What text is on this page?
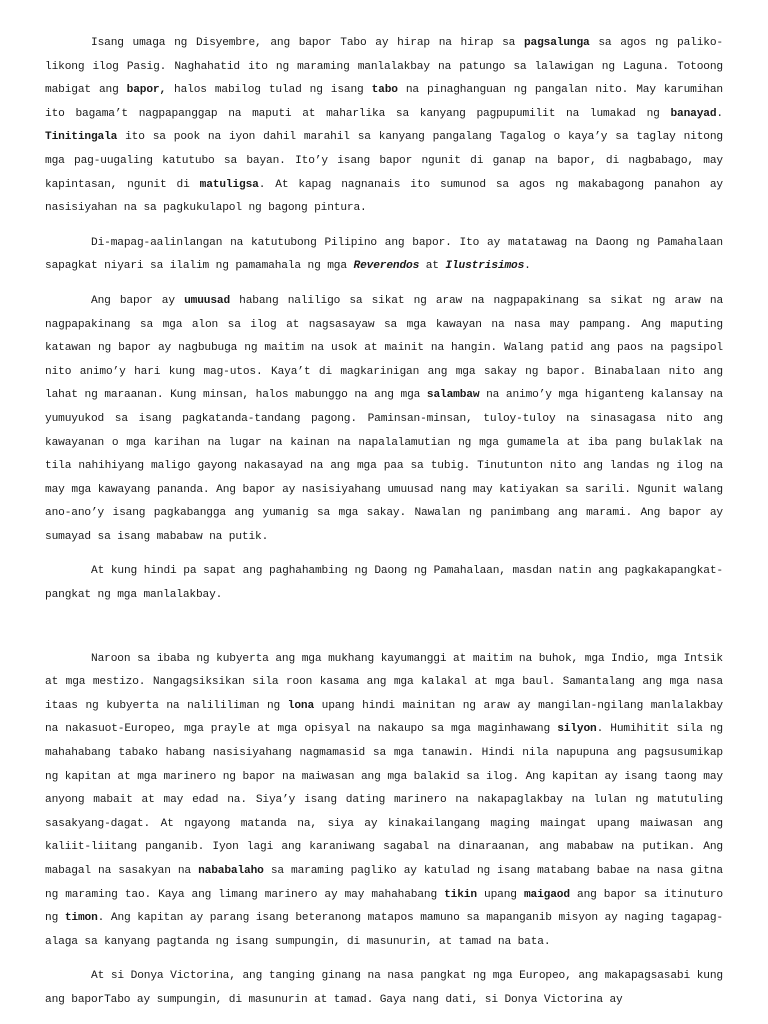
Isang umaga ng Disyembre, ang bapor Tabo ay hirap na hirap sa pagsalunga sa agos ng paliko-likong ilog Pasig. Naghahatid ito ng maraming manlalakbay na patungo sa lalawigan ng Laguna. Totoong mabigat ang bapor, halos mabilog tulad ng isang tabo na pinaghanguan ng pangalan nito. May karumihan ito bagama’t nagpapanggap na maputi at maharlika sa kanyang pagpupumilit na lumakad ng banayad. Tinitingala ito sa pook na iyon dahil marahil sa kanyang pangalang Tagalog o kaya’y sa taglay nitong mga pag-uugaling katutubo sa bayan. Ito’y isang bapor ngunit di ganap na bapor, di nagbabago, may kapintasan, ngunit di matuligsa. At kapag nagnanais ito sumunod sa agos ng makabagong panahon ay nasisiyahan na sa pagkukulapol ng bagong pintura.

Di-mapag-aalinlangan na katutubong Pilipino ang bapor. Ito ay matatawag na Daong ng Pamahalaan sapagkat niyari sa ilalim ng pamamahala ng mga Reverendos at Ilustrisimos.

Ang bapor ay umuusad habang naliligo sa sikat ng araw na nagpapakinang sa sikat ng araw na nagpapakinang sa mga alon sa ilog at nagsasayaw sa mga kawayan na nasa may pampang. Ang maputing katawan ng bapor ay nagbubuga ng maitim na usok at mainit na hangin. Walang patid ang paos na pagsipol nito animo’y hari kung mag-utos. Kaya’t di magkarinigan ang mga sakay ng bapor. Binabalaan nito ang lahat ng maraanan. Kung minsan, halos mabunggo na ang mga salambaw na animo’y mga higanteng kalansay na yumuyukod sa isang pagkatanda-tandang pagong. Paminsan-minsan, tuloy-tuloy na sinasagasa nito ang kawayanan o mga karihan na lugar na kainan na napalalamutian ng mga gumamela at iba pang bulaklak na tila nahihiyang maligo gayong nakasayad na ang mga paa sa tubig. Tinutunton nito ang landas ng ilog na may mga kawayang pananda. Ang bapor ay nasisiyahang umuusad nang may katiyakan sa sarili. Ngunit walang ano-ano’y isang pagkabangga ang yumanig sa mga sakay. Nawalan ng panimbang ang marami. Ang bapor ay sumayad sa isang mababaw na putik.

At kung hindi pa sapat ang paghahambing ng Daong ng Pamahalaan, masdan natin ang pagkakapangkat-pangkat ng mga manlalakbay.

Naroon sa ibaba ng kubyerta ang mga mukhang kayumanggi at maitim na buhok, mga Indio, mga Intsik at mga mestizo. Nangagsiksikan sila roon kasama ang mga kalakal at mga baul. Samantalang ang mga nasa itaas ng kubyerta na nalililiman ng lona upang hindi mainitan ng araw ay mangilan-ngilang manlalakbay na nakasuot-Europeo, mga prayle at mga opisyal na nakaupo sa mga maginhawang silyon. Humihitit sila ng mahahabang tabako habang nasisiyahang nagmamasid sa mga tanawin. Hindi nila napupuna ang pagsusumikap ng kapitan at mga marinero ng bapor na maiwasan ang mga balakid sa ilog. Ang kapitan ay isang taong may anyong mabait at may edad na. Siya’y isang dating marinero na nakapaglakbay na lulan ng matutuling sasakyang-dagat. At ngayong matanda na, siya ay kinakailangang maging maingat upang maiwasan ang kaliit-liitang panganib. Iyon lagi ang karaniwang sagabal na dinaraanan, ang mababaw na putikan. Ang mabagal na sasakyan na nababalaho sa maraming pagliko ay katulad ng isang matabang babae na nasa gitna ng maraming tao. Kaya ang limang marinero ay may mahahabang tikin upang maigaod ang bapor sa itinuturo ng timon. Ang kapitan ay parang isang beteranong matapos mamuno sa mapanganib misyon ay naging tagapag-alaga sa kanyang pagtanda ng isang sumpungin, di masunurin, at tamad na bata.

At si Donya Victorina, ang tanging ginang na nasa pangkat ng mga Europeo, ang makapagsasabi kung ang baporTabo ay sumpungin, di masunurin at tamad. Gaya nang dati, si Donya Victorina ay
